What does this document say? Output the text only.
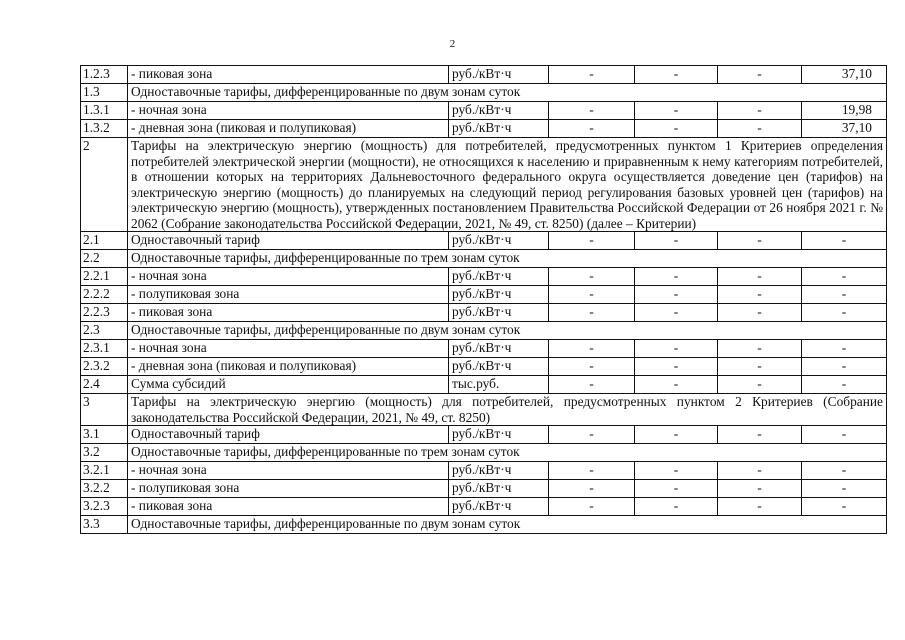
2
1.2.3	- пиковая зона	руб./кВт·ч	-	-	-	37,10
1.3	Одноставочные тарифы, дифференцированные по двум зонам суток					
1.3.1	- ночная зона	руб./кВт·ч	-	-	-	19,98
1.3.2	- дневная зона (пиковая и полупиковая)	руб./кВт·ч	-	-	-	37,10
2	Тарифы на электрическую энергию (мощность) для потребителей, предусмотренных пунктом 1 Критериев определения потребителей электрической энергии (мощности), не относящихся к населению и приравненным к нему категориям потребителей, в отношении которых на территориях Дальневосточного федерального округа осуществляется доведение цен (тарифов) на электрическую энергию (мощность) до планируемых на следующий период регулирования базовых уровней цен (тарифов) на электрическую энергию (мощность), утвержденных постановлением Правительства Российской Федерации от 26 ноября 2021 г. № 2062 (Собрание законодательства Российской Федерации, 2021, № 49, ст. 8250) (далее – Критерии)					
2.1	Одноставочный тариф	руб./кВт·ч	-	-	-	-
2.2	Одноставочные тарифы, дифференцированные по трем зонам суток					
2.2.1	- ночная зона	руб./кВт·ч	-	-	-	-
2.2.2	- полупиковая зона	руб./кВт·ч	-	-	-	-
2.2.3	- пиковая зона	руб./кВт·ч	-	-	-	-
2.3	Одноставочные тарифы, дифференцированные по двум зонам суток					
2.3.1	- ночная зона	руб./кВт·ч	-	-	-	-
2.3.2	- дневная зона (пиковая и полупиковая)	руб./кВт·ч	-	-	-	-
2.4	Сумма субсидий	тыс.руб.	-	-	-	-
3	Тарифы на электрическую энергию (мощность) для потребителей, предусмотренных пунктом 2 Критериев (Собрание законодательства Российской Федерации, 2021, № 49, ст. 8250)					
3.1	Одноставочный тариф	руб./кВт·ч	-	-	-	-
3.2	Одноставочные тарифы, дифференцированные по трем зонам суток					
3.2.1	- ночная зона	руб./кВт·ч	-	-	-	-
3.2.2	- полупиковая зона	руб./кВт·ч	-	-	-	-
3.2.3	- пиковая зона	руб./кВт·ч	-	-	-	-
3.3	Одноставочные тарифы, дифференцированные по двум зонам суток					
